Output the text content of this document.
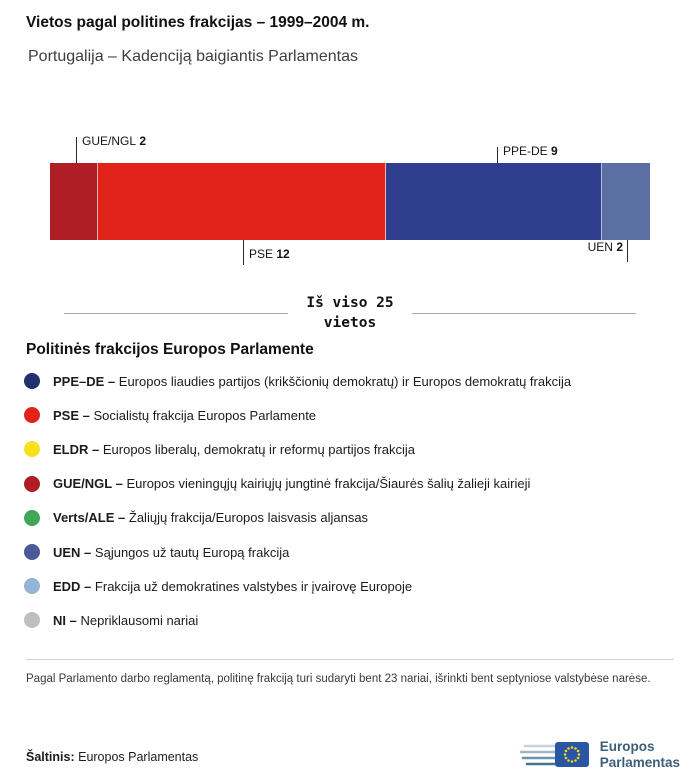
Vietos pagal politines frakcijas – 1999–2004 m.
Portugalija – Kadenciją baigiantis Parlamentas
GUE/NGL 2
PPE-DE 9
PSE 12	UEN 2
Iš viso 25
vietos
Politinės frakcijos Europos Parlamente
PPE–DE – Europos liaudies partijos (krikščionių demokratų) ir Europos demokratų frakcija
PSE – Socialistų frakcija Europos Parlamente
ELDR – Europos liberalų, demokratų ir reformų partijos frakcija
GUE/NGL – Europos vieningųjų kairiųjų jungtinė frakcija/Šiaurės šalių žalieji kairieji
Verts/ALE – Žaliųjų frakcija/Europos laisvasis aljansas
UEN – Sąjungos už tautų Europą frakcija
EDD – Frakcija už demokratines valstybes ir įvairovę Europoje
NI – Nepriklausomi nariai
Pagal Parlamento darbo reglamentą, politinę frakciją turi sudaryti bent 23 nariai, išrinkti bent septyniose valstybėse narėse.
Šaltinis: Europos Parlamentas
Europos
Parlamentas
